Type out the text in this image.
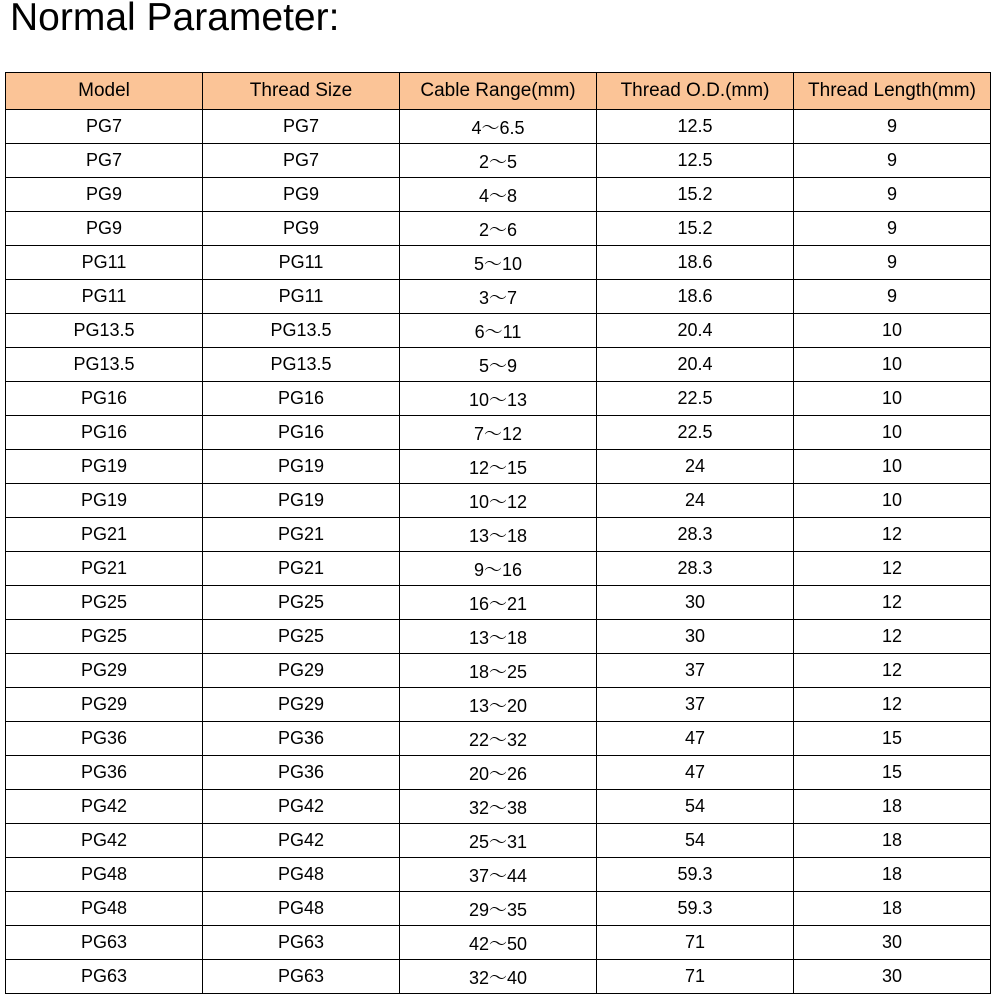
Normal Parameter:
Model	Thread Size	Cable Range(mm)	Thread O.D.(mm)	Thread Length(mm)
PG7	PG7	4～6.5	12.5	9
PG7	PG7	2～5	12.5	9
PG9	PG9	4～8	15.2	9
PG9	PG9	2～6	15.2	9
PG11	PG11	5～10	18.6	9
PG11	PG11	3～7	18.6	9
PG13.5	PG13.5	6～11	20.4	10
PG13.5	PG13.5	5～9	20.4	10
PG16	PG16	10～13	22.5	10
PG16	PG16	7～12	22.5	10
PG19	PG19	12～15	24	10
PG19	PG19	10～12	24	10
PG21	PG21	13～18	28.3	12
PG21	PG21	9～16	28.3	12
PG25	PG25	16～21	30	12
PG25	PG25	13～18	30	12
PG29	PG29	18～25	37	12
PG29	PG29	13～20	37	12
PG36	PG36	22～32	47	15
PG36	PG36	20～26	47	15
PG42	PG42	32～38	54	18
PG42	PG42	25～31	54	18
PG48	PG48	37～44	59.3	18
PG48	PG48	29～35	59.3	18
PG63	PG63	42～50	71	30
PG63	PG63	32～40	71	30
